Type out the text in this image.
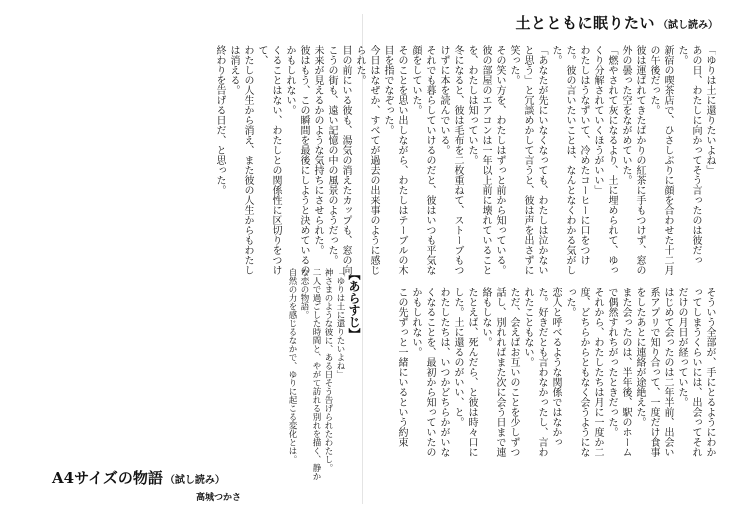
土とともに眠りたい （試し読み）

「ゆりは土に還りたいよね」

あの日、わたしに向かってそう言ったのは彼だった。

新宿の喫茶店で、ひさしぶりに顔を合わせた十二月の午後だった。

彼は運ばれてきたばかりの紅茶に手もつけず、窓の外の曇った空をながめていた。

「燃やされて灰になるより、土に埋められて、ゆっくり分解されていくほうがいい」

わたしはうなずいて、冷めたコーヒーに口をつけた。彼の言いたいことは、なんとなくわかる気がした。

「あなたが先にいなくなっても、わたしは泣かないと思う」と冗談めかして言うと、彼は声を出さずに笑った。

その笑い方を、わたしはずっと前から知っている。

彼の部屋のエアコンは一年以上前に壊れていることを、わたしは知っていた。

冬になると、彼は毛布を二枚重ねて、ストーブもつけずに本を読んでいる。

それでも暮らしていけるのだと、彼はいつも平気な顔をしていた。

そのことを思い出しながら、わたしはテーブルの木目を指でなぞった。

今日はなぜか、すべてが過去の出来事のように感じられた。

目の前にいる彼も、湯気の消えたカップも、窓の向こうの街も、遠い記憶の中の風景のようだった。

未来が見えるかのような気持ちにさせられた。

彼はもう、この瞬間を最後にしようと決めているのかもしれない。

くることはない、わたしとの関係性に区切りをつけて、

わたしの人生から消え、また彼の人生からもわたしは消える。

終わりを告げる日だ、と思った。

そういう全部が、手にとるようにわかってしまうくらいには、出会ってそれだけの月日が経っていた。

はじめて会ったのは二年半前、出会い系アプリで知り合って、一度だけ食事をしたあとに連絡が途絶えた。

また会ったのは、半年後、駅のホームで偶然すれちがったときだった。

それから、わたしたちは月に一度か二度、どちらからともなく会うようになった。

恋人と呼べるような関係ではなかった。好きだとも言わなかったし、言われたこともない。

ただ、会えばお互いのことを少しずつ話し、別れればまた次に会う日まで連絡もしない。

たとえば、死んだら、と彼は時々口にした。土に還るのがいい、と。

わたしたちは、いつかどちらかがいなくなることを、最初から知っていたのかもしれない。

この先ずっと一緒にいるという約束

【あらすじ】

「ゆりは土に還りたいよね」

神さまのような彼に、ある日そう告げられたわたし。

二人で過ごした時間と、やがて訪れる別れを描く、静かな恋の物語。

自然の力を感じるなかで、ゆりに起こる変化とは。

A4サイズの物語 （試し読み）
高城つかさ
